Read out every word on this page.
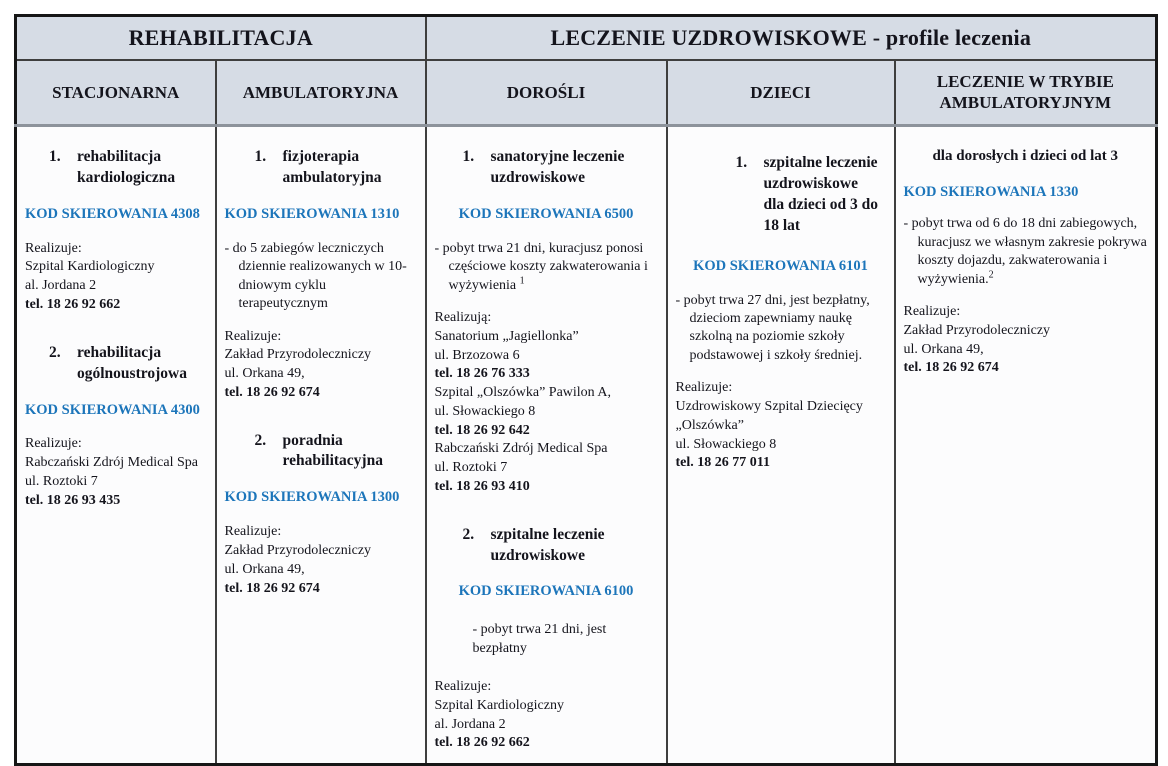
REHABILITACJA		LECZENIE UZDROWISKOWE - profile leczenia		
STACJONARNA	AMBULATORYJNA	DOROŚLI	DZIECI	LECZENIE W TRYBIE AMBULATORYJNYM

1.	rehabilitacja kardiologiczna
KOD SKIEROWANIA 4308
Realizuje:
Szpital Kardiologiczny
al. Jordana 2
tel. 18 26 92 662
2.	rehabilitacja ogólnoustrojowa
KOD SKIEROWANIA 4300
Realizuje:
Rabczański Zdrój Medical Spa
ul. Roztoki 7
tel. 18 26 93 435

1.	fizjoterapia ambulatoryjna
KOD SKIEROWANIA 1310
- do 5 zabiegów leczniczych dziennie realizowanych w 10-dniowym cyklu terapeutycznym
Realizuje:
Zakład Przyrodoleczniczy
ul. Orkana 49,
tel. 18 26 92 674
2.	poradnia rehabilitacyjna
KOD SKIEROWANIA 1300
Realizuje:
Zakład Przyrodoleczniczy
ul. Orkana 49,
tel. 18 26 92 674

1.	sanatoryjne leczenie uzdrowiskowe
KOD SKIEROWANIA 6500
- pobyt trwa 21 dni, kuracjusz ponosi częściowe koszty zakwaterowania i wyżywienia $^1$
Realizują:
Sanatorium „Jagiellonka”
ul. Brzozowa 6
tel. 18 26 76 333
Szpital „Olszówka” Pawilon A,
ul. Słowackiego 8
tel. 18 26 92 642
Rabczański Zdrój Medical Spa
ul. Roztoki 7
tel. 18 26 93 410
2.	szpitalne leczenie uzdrowiskowe
KOD SKIEROWANIA 6100
- pobyt trwa 21 dni, jest bezpłatny
Realizuje:
Szpital Kardiologiczny
al. Jordana 2
tel. 18 26 92 662

1.	szpitalne leczenie uzdrowiskowe dla dzieci od 3 do 18 lat
KOD SKIEROWANIA 6101
- pobyt trwa 27 dni, jest bezpłatny, dzieciom zapewniamy naukę szkolną na poziomie szkoły podstawowej i szkoły średniej.
Realizuje:
Uzdrowiskowy Szpital Dziecięcy „Olszówka”
ul. Słowackiego 8
tel. 18 26 77 011

dla dorosłych i dzieci od lat 3
KOD SKIEROWANIA 1330
- pobyt trwa od 6 do 18 dni zabiegowych, kuracjusz we własnym zakresie pokrywa koszty dojazdu, zakwaterowania i wyżywienia.$^2$
Realizuje:
Zakład Przyrodoleczniczy
ul. Orkana 49,
tel. 18 26 92 674
